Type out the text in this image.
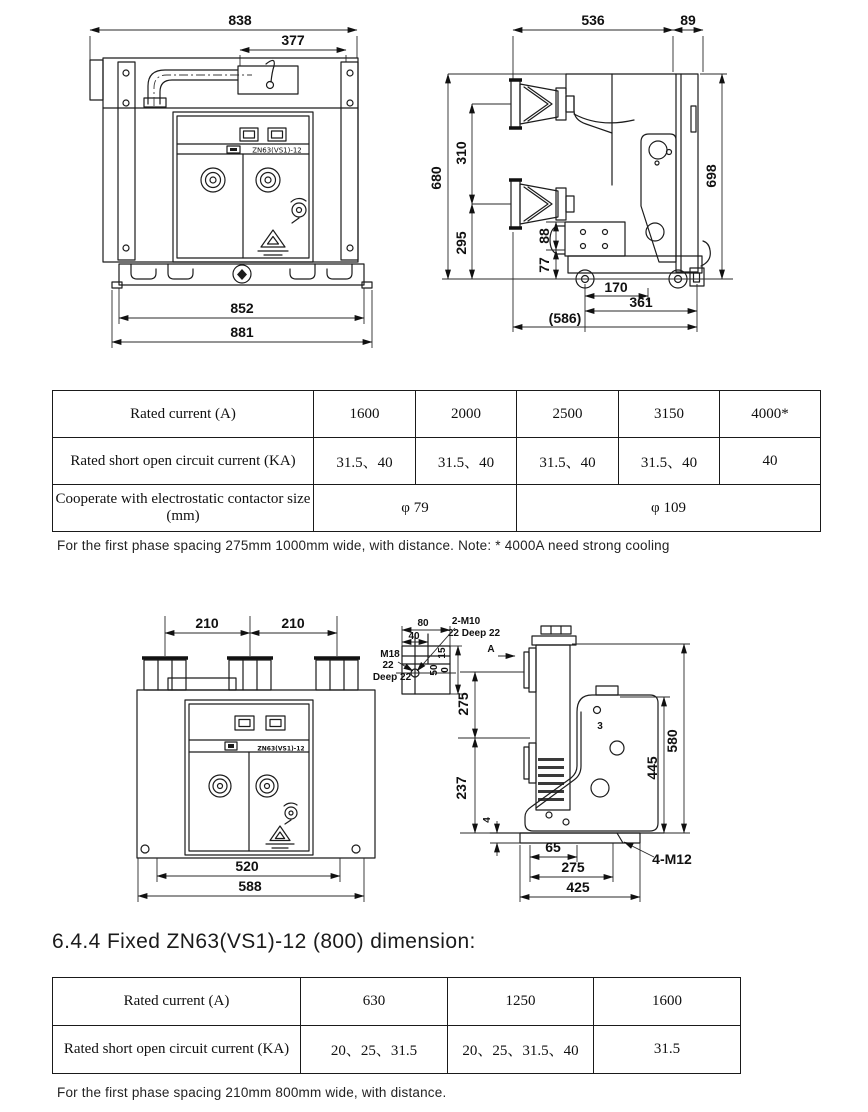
838
377
ZN63(VS1)-12
852
881
536	89
680
310
295	88
77
698
170
361
(586)
Rated current (A)	1600	2000	2500	3150	4000*
Rated short open circuit current (KA)	31.5、40	31.5、40	31.5、40	31.5、40	40
Cooperate with electrostatic contactor size (mm)	φ 79		φ 109		
For the first phase spacing 275mm 1000mm wide, with distance. Note: * 4000A need strong cooling
210	210
ZN63(VS1)-12
520
588
80
40
2-M10
22 Deep 22
M18
22
Deep 22
15
50 0
A
3
445
580
275
237
4
65
275
425
4-M12
6.4.4 Fixed ZN63(VS1)-12 (800) dimension:
Rated current (A)	630	1250	1600
Rated short open circuit current (KA)	20、25、31.5	20、25、31.5、40	31.5
For the first phase spacing 210mm 800mm wide, with distance.
